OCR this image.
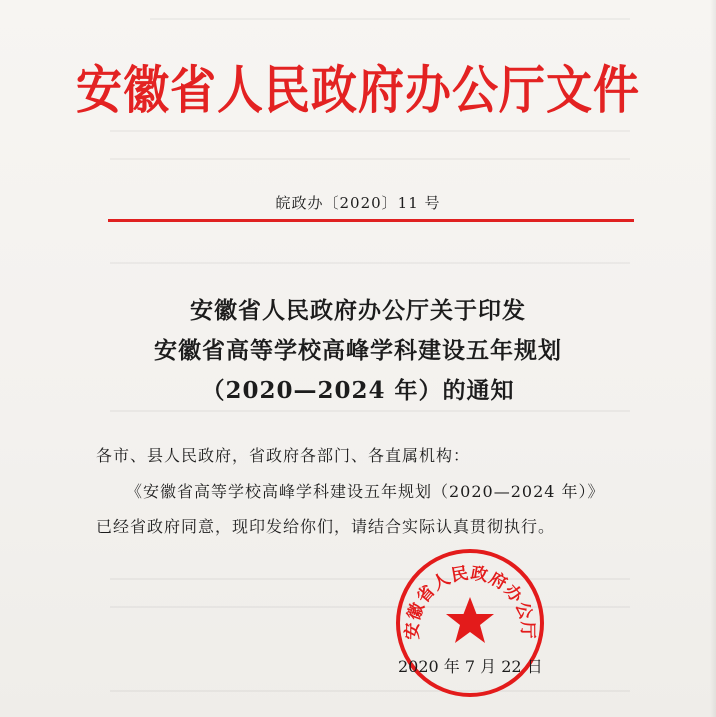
安徽省人民政府办公厅文件
皖政办〔2020〕11 号
安徽省人民政府办公厅关于印发
安徽省高等学校高峰学科建设五年规划
（2020—2024 年）的通知
各市、县人民政府，省政府各部门、各直属机构：
《安徽省高等学校高峰学科建设五年规划（2020—2024 年）》
已经省政府同意，现印发给你们，请结合实际认真贯彻执行。
安徽省人民政府办公厅
2020 年 7 月 22 日
